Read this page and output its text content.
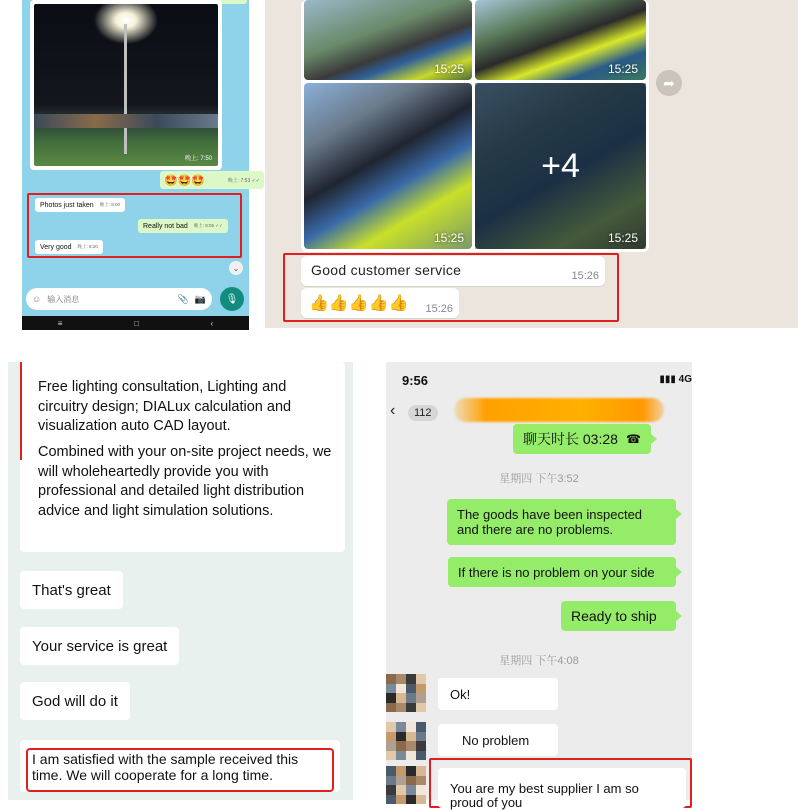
晚上: 7:50
🤩🤩🤩	晚上: 7:53 ✓✓
Photos just taken 晚上: 8:00
Really not bad 晚上: 8:05 ✓✓
Very good 晚上: 8:20
⌄
☺
输入消息	📎 📷 🎙
≡	□	‹
15:25	15:25
15:25
+4
15:25
➦
Good customer service	15:26
👍👍👍👍👍 15:26

Free lighting consultation, Lighting and circuitry design; DIALux calculation and visualization auto CAD layout.

Combined with your on-site project needs, we will wholeheartedly provide you with professional and detailed light distribution advice and light simulation solutions.

That's great
Your service is great
God will do it
I am satisfied with the sample received this time. We will cooperate for a long time.
9:56	▮▮▮ 4G
‹	112
聊天时长 03:28 ☎
星期四 下午3:52
The goods have been inspected and there are no problems.
If there is no problem on your side
Ready to ship
星期四 下午4:08
Ok!
No problem
You are my best supplier I am so proud of you
